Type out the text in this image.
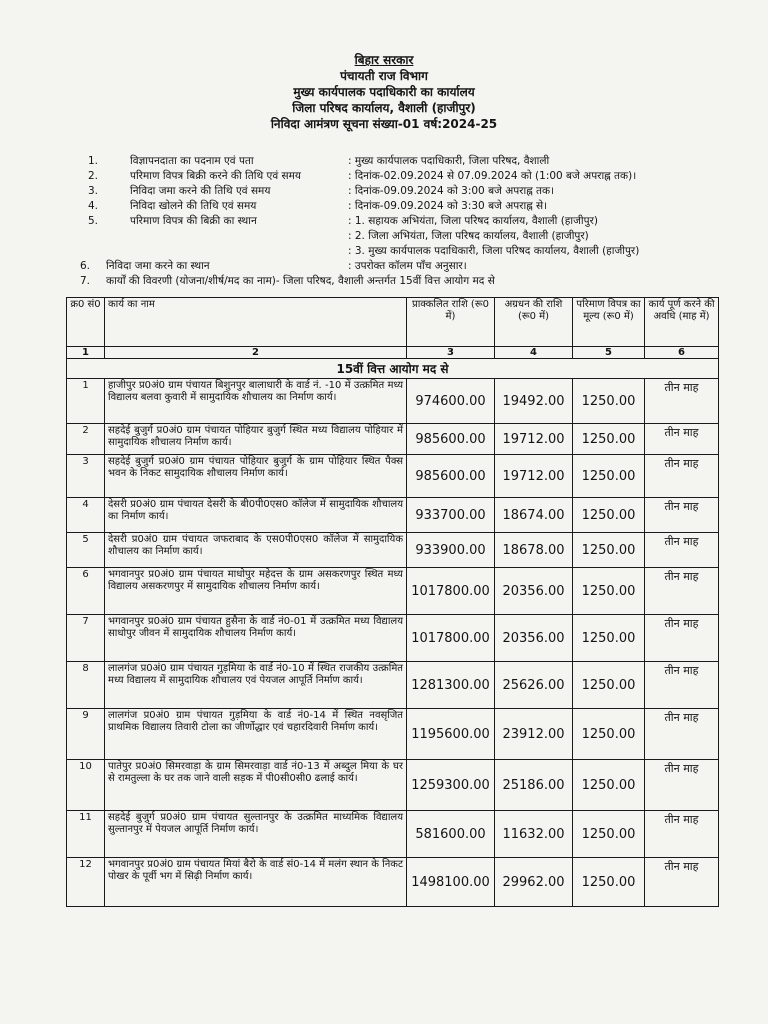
बिहार सरकार
पंचायती राज विभाग
मुख्य कार्यपालक पदाधिकारी का कार्यालय
जिला परिषद कार्यालय, वैशाली (हाजीपुर)
निविदा आमंत्रण सूचना संख्या-01 वर्ष:2024-25
1.	विज्ञापनदाता का पदनाम एवं पता	: मुख्य कार्यपालक पदाधिकारी, जिला परिषद, वैशाली
2.	परिमाण विपत्र बिक्री करने की तिथि एवं समय	: दिनांक-02.09.2024 से 07.09.2024 को (1:00 बजे अपराह्न तक)।
3.	निविदा जमा करने की तिथि एवं समय	: दिनांक-09.09.2024 को 3:00 बजे अपराह्न तक।
4.	निविदा खोलने की तिथि एवं समय	: दिनांक-09.09.2024 को 3:30 बजे अपराह्न से।
5.	परिमाण विपत्र की बिक्री का स्थान	: 1. सहायक अभियंता, जिला परिषद कार्यालय, वैशाली (हाजीपुर)
: 2. जिला अभियंता, जिला परिषद कार्यालय, वैशाली (हाजीपुर)
: 3. मुख्य कार्यपालक पदाधिकारी, जिला परिषद कार्यालय, वैशाली (हाजीपुर)
6.	निविदा जमा करने का स्थान	: उपरोक्त कॉलम पाँच अनुसार।
7.	कार्यों की विवरणी (योजना/शीर्ष/मद का नाम)- जिला परिषद, वैशाली अन्तर्गत 15वीं वित्त आयोग मद से
क्र0 सं0	कार्य का नाम	प्राक्कलित राशि (रू0 में)	अग्रधन की राशि (रू0 में)	परिमाण विपत्र का मूल्य (रू0 में)	कार्य पूर्ण करने की अवधि (माह में)
1	2	3	4	5	6
15वीं वित्त आयोग मद से					
1	हाजीपुर प्र0अं0 ग्राम पंचायत बिशुनपुर बालाधारी के वार्ड नं. -10 में उत्क्रमित मध्य विद्यालय बलवा कुवारी में सामुदायिक शौचालय का निर्माण कार्य।	974600.00	19492.00	1250.00	तीन माह
2	सहदेई बुजुर्ग प्र0अं0 ग्राम पंचायत पोहियार बुजुर्ग स्थित मध्य विद्यालय पोहियार में सामुदायिक शौचालय निर्माण कार्य।	985600.00	19712.00	1250.00	तीन माह
3	सहदेई बुजुर्ग प्र0अं0 ग्राम पंचायत पोहियार बुजुर्ग के ग्राम पोहियार स्थित पैक्स भवन के निकट सामुदायिक शौचालय निर्माण कार्य।	985600.00	19712.00	1250.00	तीन माह
4	देसरी प्र0अं0 ग्राम पंचायत देसरी के बी0पी0एस0 कॉलेज में सामुदायिक शौचालय का निर्माण कार्य।	933700.00	18674.00	1250.00	तीन माह
5	देसरी प्र0अं0 ग्राम पंचायत जफराबाद के एस0पी0एस0 कॉलेज में सामुदायिक शौचालय का निर्माण कार्य।	933900.00	18678.00	1250.00	तीन माह
6	भगवानपुर प्र0अं0 ग्राम पंचायत माधोपुर महेदत्त के ग्राम असकरणपुर स्थित मध्य विद्यालय असकरणपुर में सामुदायिक शौचालय निर्माण कार्य।	1017800.00	20356.00	1250.00	तीन माह
7	भगवानपुर प्र0अं0 ग्राम पंचायत हुसैना के वार्ड नं0-01 में उत्क्रमित मध्य विद्यालय साधोपुर जीवन में सामुदायिक शौचालय निर्माण कार्य।	1017800.00	20356.00	1250.00	तीन माह
8	लालगंज प्र0अं0 ग्राम पंचायत गुड़मिया के वार्ड नं0-10 में स्थित राजकीय उत्क्रमित मध्य विद्यालय में सामुदायिक शौचालय एवं पेयजल आपूर्ति निर्माण कार्य।	1281300.00	25626.00	1250.00	तीन माह
9	लालगंज प्र0अं0 ग्राम पंचायत गुड़मिया के वार्ड नं0-14 में स्थित नवसृजित प्राथमिक विद्यालय तिवारी टोला का जीर्णोद्धार एवं चहारदिवारी निर्माण कार्य।	1195600.00	23912.00	1250.00	तीन माह
10	पातेपुर प्र0अं0 सिमरवाड़ा के ग्राम सिमरवाड़ा वार्ड नं0-13 में अब्दुल मिया के घर से रामतुल्ला के घर तक जाने वाली सड़क में पी0सी0सी0 ढलाई कार्य।	1259300.00	25186.00	1250.00	तीन माह
11	सहदेई बुजुर्ग प्र0अं0 ग्राम पंचायत सुल्तानपुर के उत्क्रमित माध्यमिक विद्यालय सुल्तानपुर में पेयजल आपूर्ति निर्माण कार्य।	581600.00	11632.00	1250.00	तीन माह
12	भगवानपुर प्र0अं0 ग्राम पंचायत मियां बैरो के वार्ड सं0-14 में मलंग स्थान के निकट पोखर के पूर्वी भग में सिढ़ी निर्माण कार्य।	1498100.00	29962.00	1250.00	तीन माह
